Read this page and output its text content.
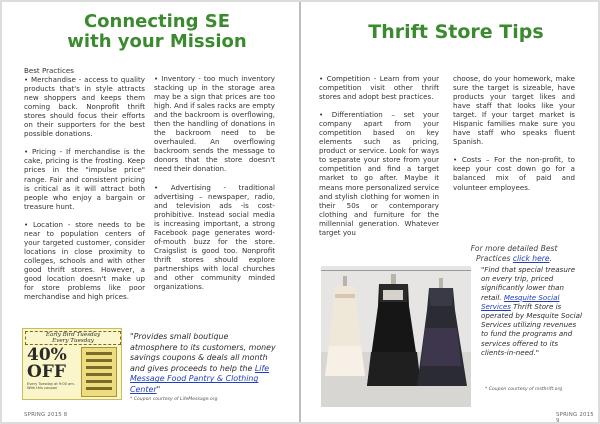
Connecting SE
with your Mission
Best Practices

• Merchandise - access to quality products that's in style attracts new shoppers and keeps them coming back. Nonprofit thrift stores should focus their efforts on their supporters for the best possible donations.

• Pricing - If merchandise is the cake, pricing is the frosting. Keep prices in the "impulse price" range. Fair and consistent pricing is critical as it will attract both people who enjoy a bargain or treasure hunt.

• Location - store needs to be near to population centers of your targeted customer, consider locations in close proximity to colleges, schools and with other good thrift stores. However, a good location doesn't make up for store problems like poor merchandise and high prices.

• Inventory - too much inventory stacking up in the storage area may be a sign that prices are too high. And if sales racks are empty and the backroom is overflowing, then the handling of donations in the backroom need to be overhauled. An overflowing backroom sends the message to donors that the store doesn't need their donation.

• Advertising - traditional advertising – newspaper, radio, and television ads -is cost-prohibitive. Instead social media is increasing important, a strong Facebook page generates word-of-mouth buzz for the store. Craigslist is good too. Nonprofit thrift stores should explore partnerships with local churches and other community minded organizations.

Early Bird Tuesday
Every Tuesday
40%
OFF
Every Tuesday at 9:00 am. With this coupon
"Provides small boutique atmosphere to its customers, money savings coupons & deals all month and gives proceeds to help the Life Message Food Pantry & Clothing Center"
* Coupon courtesy of LifeMessage.org
SPRING 2015 8
Thrift Store Tips

• Competition - Learn from your competition visit other thrift stores and adopt best practices.

• Differentiation – set your company apart from your competition based on key elements such as pricing, product or service. Look for ways to separate your store from your competition and find a target market to go after. Maybe it means more personalized service and stylish clothing for women in their 50s or contemporary clothing and furniture for the millennial generation. Whatever target you

choose, do your homework, make sure the target is sizeable, have products your target likes and have staff that looks like your target. If your target market is Hispanic families make sure you have staff who speaks fluent Spanish.

• Costs – For the non-profit, to keep your cost down go for a balanced mix of paid and volunteer employees.

For more detailed Best Practices click here.
"Find that special treasure on every trip, priced significantly lower than retail. Mesquite Social Services Thrift Store is operated by Mesquite Social Services utilizing revenues to fund the programs and services offered to its clients-in-need."
* Coupon courtesy of msthrift.org
SPRING 2015 9
